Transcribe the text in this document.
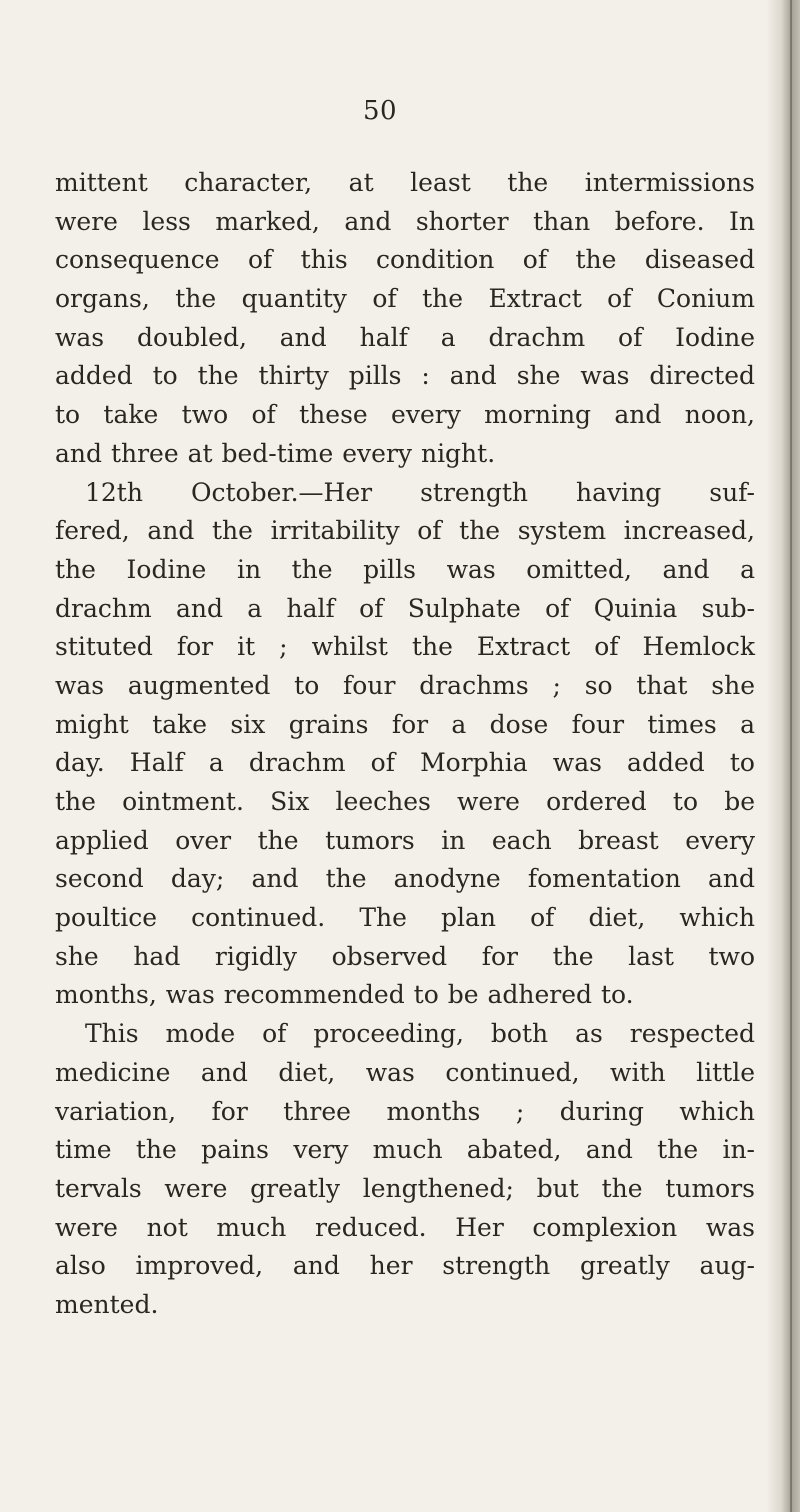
50
mittent character, at least the intermissions
were less marked, and shorter than before. In
consequence of this condition of the diseased
organs, the quantity of the Extract of Conium
was doubled, and half a drachm of Iodine
added to the thirty pills : and she was directed
to take two of these every morning and noon,
and three at bed-time every night.
12th October.—Her strength having suf-
fered, and the irritability of the system increased,
the Iodine in the pills was omitted, and a
drachm and a half of Sulphate of Quinia sub-
stituted for it ; whilst the Extract of Hemlock
was augmented to four drachms ; so that she
might take six grains for a dose four times a
day. Half a drachm of Morphia was added to
the ointment. Six leeches were ordered to be
applied over the tumors in each breast every
second day; and the anodyne fomentation and
poultice continued. The plan of diet, which
she had rigidly observed for the last two
months, was recommended to be adhered to.
This mode of proceeding, both as respected
medicine and diet, was continued, with little
variation, for three months ; during which
time the pains very much abated, and the in-
tervals were greatly lengthened; but the tumors
were not much reduced. Her complexion was
also improved, and her strength greatly aug-
mented.
